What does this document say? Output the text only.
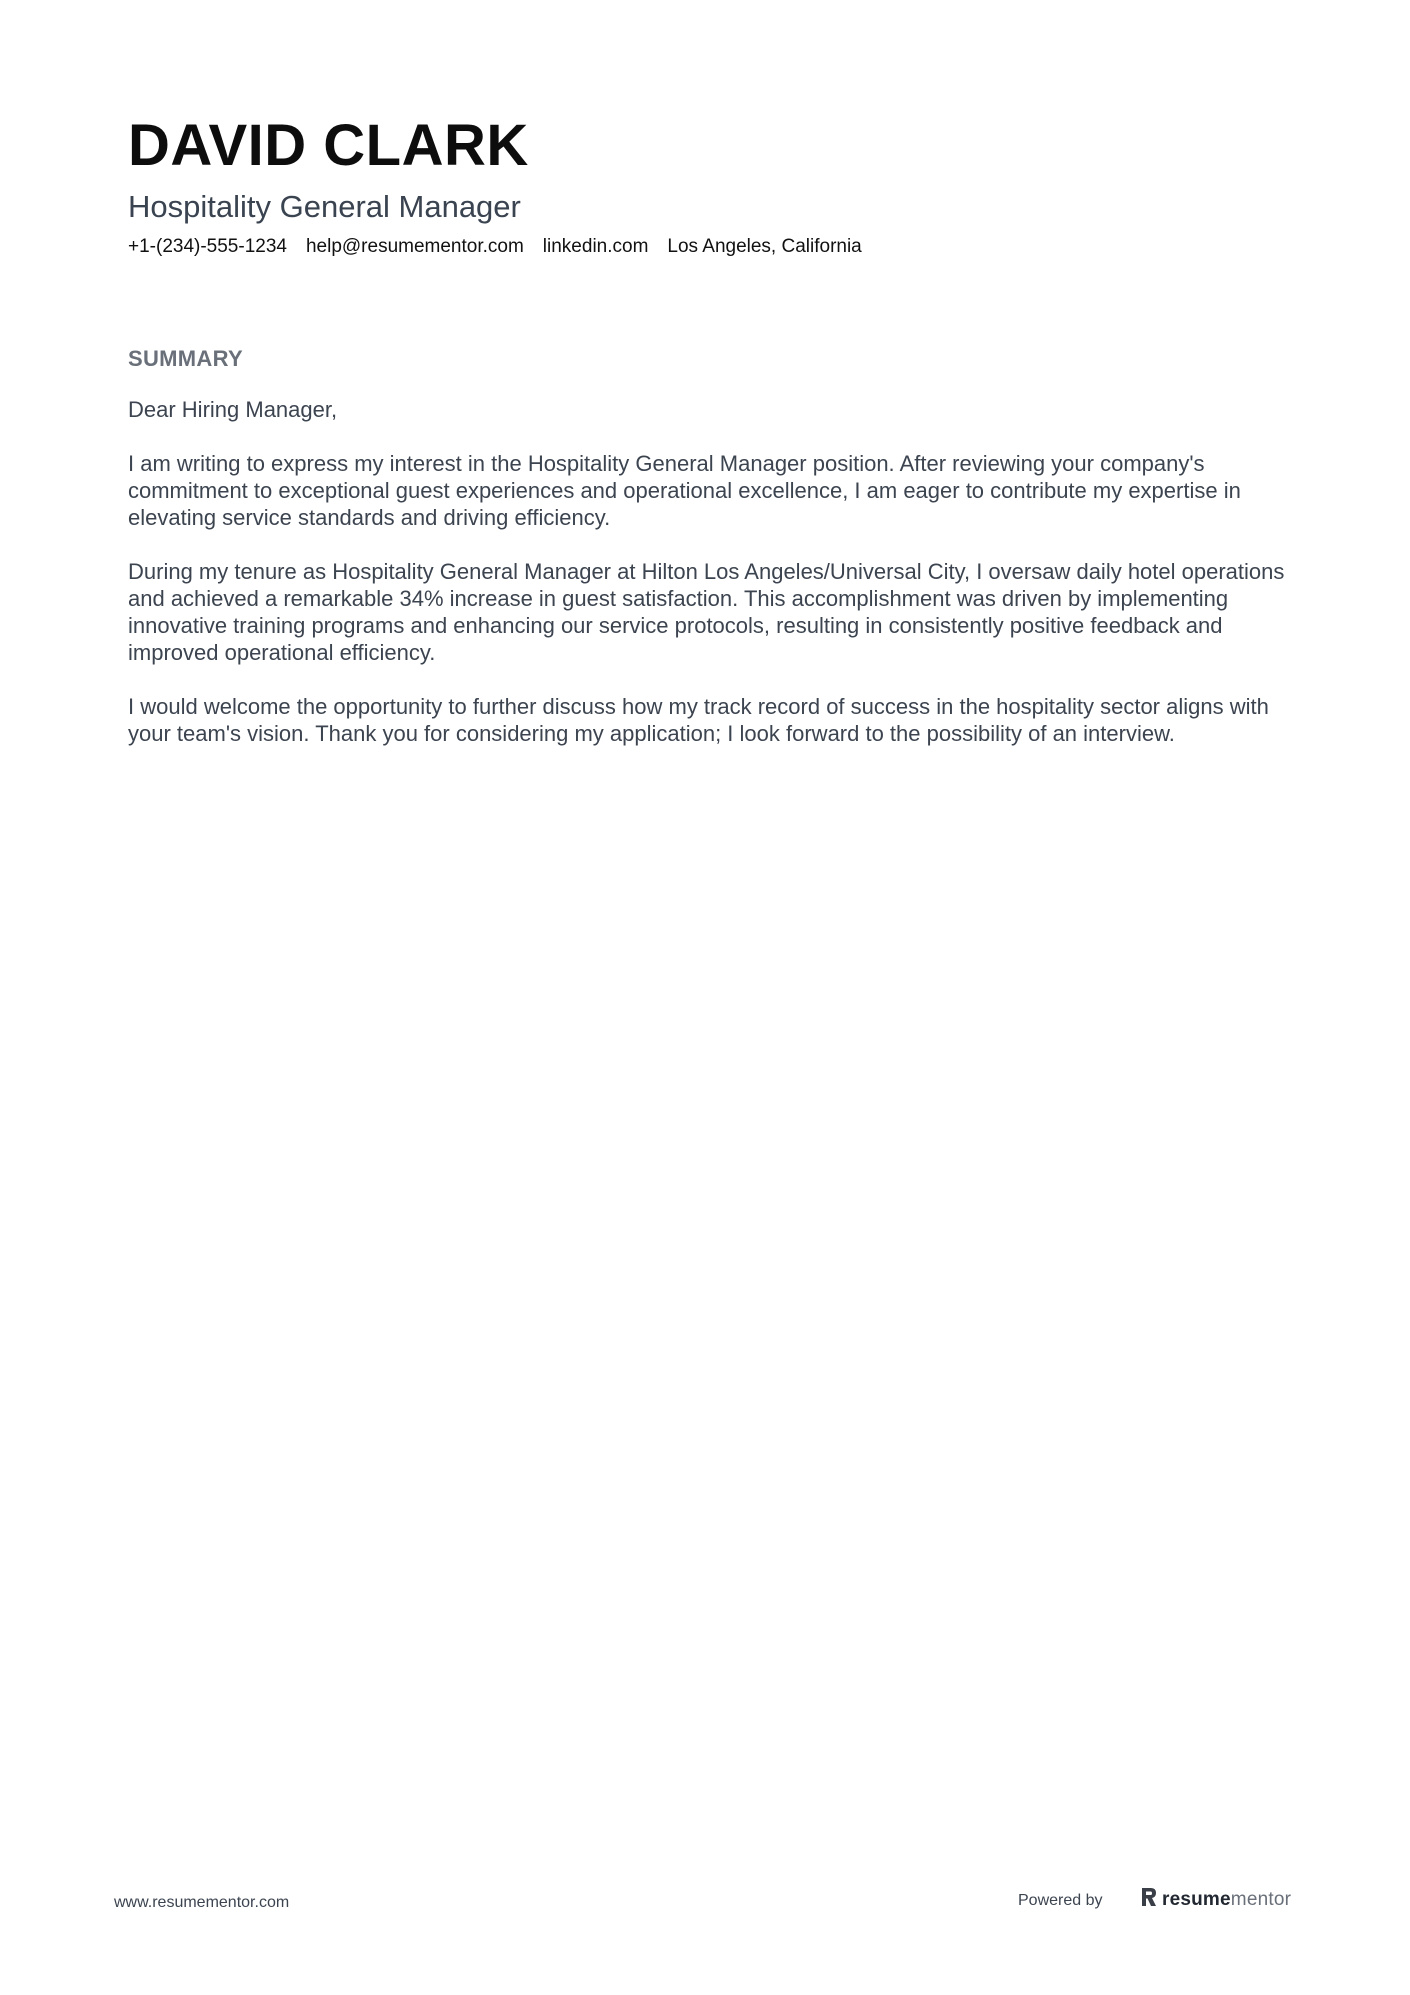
DAVID CLARK
Hospitality General Manager
+1-(234)-555-1234 help@resumementor.com linkedin.com Los Angeles, California
SUMMARY

Dear Hiring Manager,

I am writing to express my interest in the Hospitality General Manager position. After reviewing your company's commitment to exceptional guest experiences and operational excellence, I am eager to contribute my expertise in elevating service standards and driving efficiency.

During my tenure as Hospitality General Manager at Hilton Los Angeles/Universal City, I oversaw daily hotel operations and achieved a remarkable 34% increase in guest satisfaction. This accomplishment was driven by implementing innovative training programs and enhancing our service protocols, resulting in consistently positive feedback and improved operational efficiency.

I would welcome the opportunity to further discuss how my track record of success in the hospitality sector aligns with your team's vision. Thank you for considering my application; I look forward to the possibility of an interview.

www.resumementor.com	Powered by	resumementor
